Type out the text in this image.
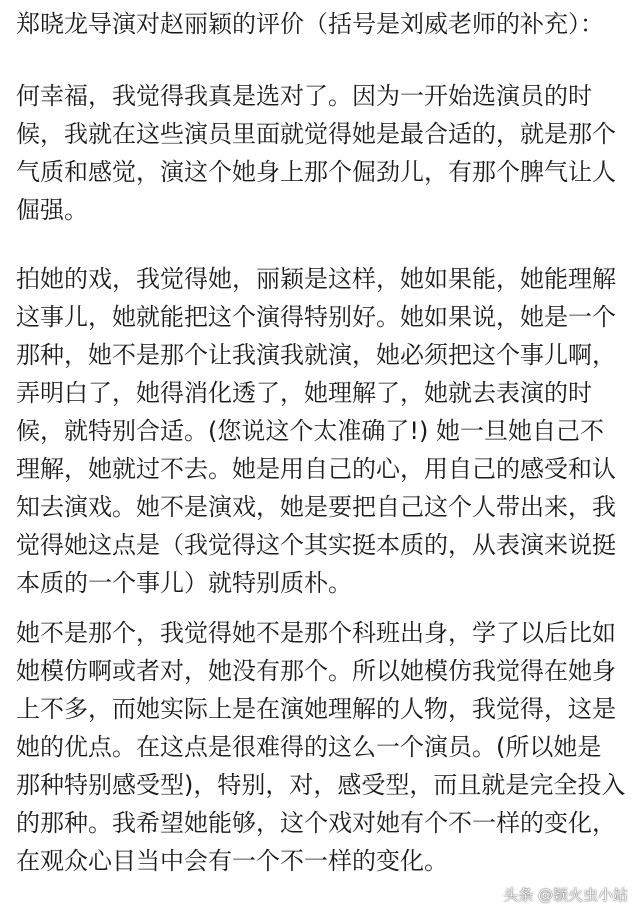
郑晓龙导演对赵丽颖的评价（括号是刘威老师的补充）：
何幸福，我觉得我真是选对了。因为一开始选演员的时
候，我就在这些演员里面就觉得她是最合适的，就是那个
气质和感觉，演这个她身上那个倔劲儿，有那个脾气让人
倔强。
拍她的戏，我觉得她，丽颖是这样，她如果能，她能理解
这事儿，她就能把这个演得特别好。她如果说，她是一个
那种，她不是那个让我演我就演，她必须把这个事儿啊，
弄明白了，她得消化透了，她理解了，她就去表演的时
候，就特别合适。(您说这个太准确了!) 她一旦她自己不
理解，她就过不去。她是用自己的心，用自己的感受和认
知去演戏。她不是演戏，她是要把自己这个人带出来，我
觉得她这点是（我觉得这个其实挺本质的，从表演来说挺
本质的一个事儿）就特别质朴。
她不是那个，我觉得她不是那个科班出身，学了以后比如
她模仿啊或者对，她没有那个。所以她模仿我觉得在她身
上不多，而她实际上是在演她理解的人物，我觉得，这是
她的优点。在这点是很难得的这么一个演员。(所以她是
那种特别感受型)，特别，对，感受型，而且就是完全投入
的那种。我希望她能够，这个戏对她有个不一样的变化，
在观众心目当中会有一个不一样的变化。
头条 @颖火虫小站
